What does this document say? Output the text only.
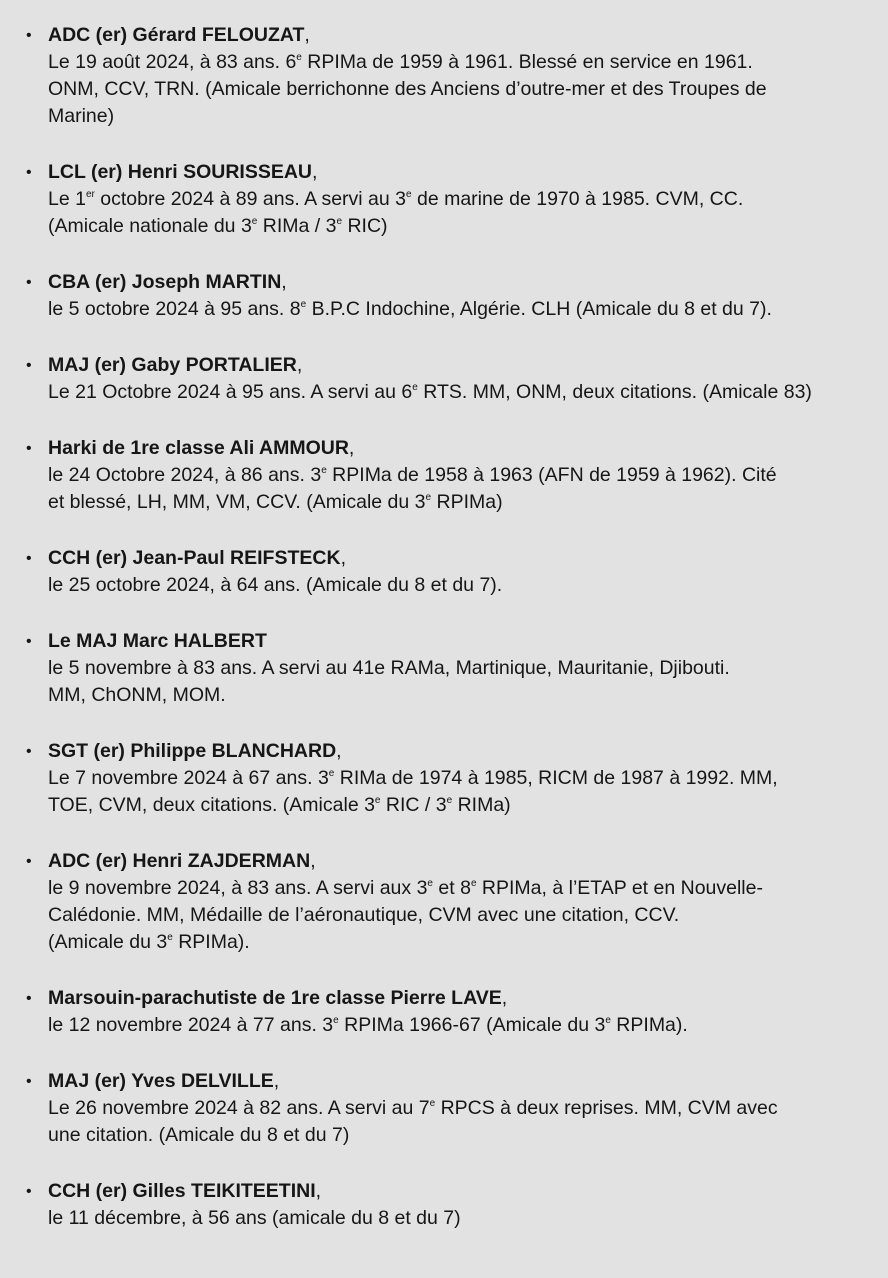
• ADC (er) Gérard FELOUZAT,
Le 19 août 2024, à 83 ans. 6e RPIMa de 1959 à 1961. Blessé en service en 1961.
ONM, CCV, TRN. (Amicale berrichonne des Anciens d’outre-mer et des Troupes de
Marine)
• LCL (er) Henri SOURISSEAU,
Le 1er octobre 2024 à 89 ans. A servi au 3e de marine de 1970 à 1985. CVM, CC.
(Amicale nationale du 3e RIMa / 3e RIC)
• CBA (er) Joseph MARTIN,
le 5 octobre 2024 à 95 ans. 8e B.P.C Indochine, Algérie. CLH (Amicale du 8 et du 7).
• MAJ (er) Gaby PORTALIER,
Le 21 Octobre 2024 à 95 ans. A servi au 6e RTS. MM, ONM, deux citations. (Amicale 83)
• Harki de 1re classe Ali AMMOUR,
le 24 Octobre 2024, à 86 ans. 3e RPIMa de 1958 à 1963 (AFN de 1959 à 1962). Cité
et blessé, LH, MM, VM, CCV. (Amicale du 3e RPIMa)
• CCH (er) Jean-Paul REIFSTECK,
le 25 octobre 2024, à 64 ans. (Amicale du 8 et du 7).
• Le MAJ Marc HALBERT
le 5 novembre à 83 ans. A servi au 41e RAMa, Martinique, Mauritanie, Djibouti.
MM, ChONM, MOM.
• SGT (er) Philippe BLANCHARD,
Le 7 novembre 2024 à 67 ans. 3e RIMa de 1974 à 1985, RICM de 1987 à 1992. MM,
TOE, CVM, deux citations. (Amicale 3e RIC / 3e RIMa)
• ADC (er) Henri ZAJDERMAN,
le 9 novembre 2024, à 83 ans. A servi aux 3e et 8e RPIMa, à l’ETAP et en Nouvelle-
Calédonie. MM, Médaille de l’aéronautique, CVM avec une citation, CCV.
(Amicale du 3e RPIMa).
• Marsouin-parachutiste de 1re classe Pierre LAVE,
le 12 novembre 2024 à 77 ans. 3e RPIMa 1966-67 (Amicale du 3e RPIMa).
• MAJ (er) Yves DELVILLE,
Le 26 novembre 2024 à 82 ans. A servi au 7e RPCS à deux reprises. MM, CVM avec
une citation. (Amicale du 8 et du 7)
• CCH (er) Gilles TEIKITEETINI,
le 11 décembre, à 56 ans (amicale du 8 et du 7)
